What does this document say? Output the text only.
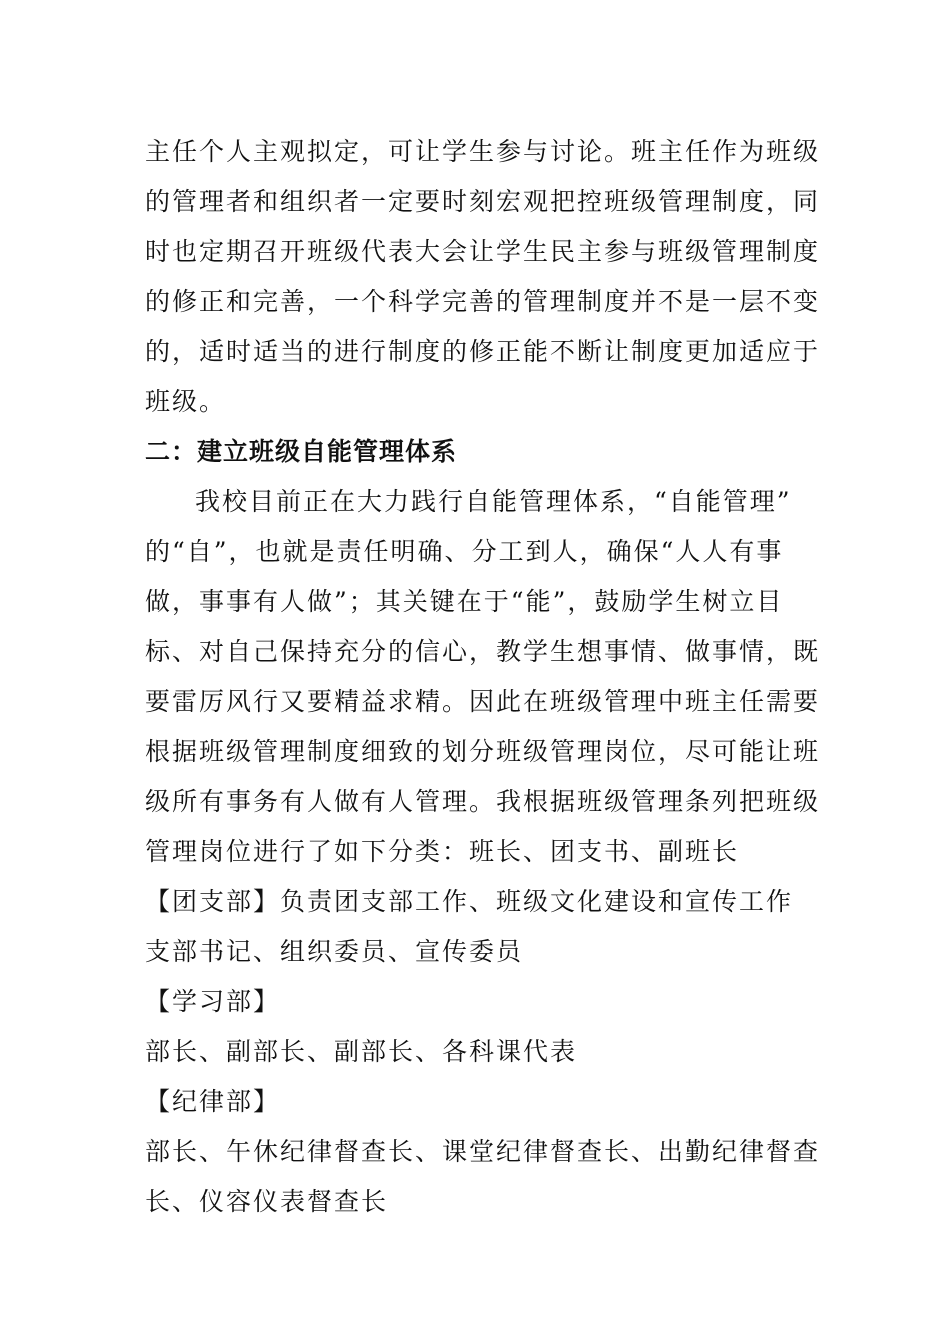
主任个人主观拟定，可让学生参与讨论。班主任作为班级
的管理者和组织者一定要时刻宏观把控班级管理制度，同
时也定期召开班级代表大会让学生民主参与班级管理制度
的修正和完善，一个科学完善的管理制度并不是一层不变
的，适时适当的进行制度的修正能不断让制度更加适应于
班级。
二：建立班级自能管理体系
我校目前正在大力践行自能管理体系，“自能管理”
的“自”，也就是责任明确、分工到人，确保“人人有事
做，事事有人做”；其关键在于“能”，鼓励学生树立目
标、对自己保持充分的信心，教学生想事情、做事情，既
要雷厉风行又要精益求精。因此在班级管理中班主任需要
根据班级管理制度细致的划分班级管理岗位，尽可能让班
级所有事务有人做有人管理。我根据班级管理条列把班级
管理岗位进行了如下分类：班长、团支书、副班长
【团支部】负责团支部工作、班级文化建设和宣传工作
支部书记、组织委员、宣传委员
【学习部】
部长、副部长、副部长、各科课代表
【纪律部】
部长、午休纪律督查长、课堂纪律督查长、出勤纪律督查
长、仪容仪表督查长
